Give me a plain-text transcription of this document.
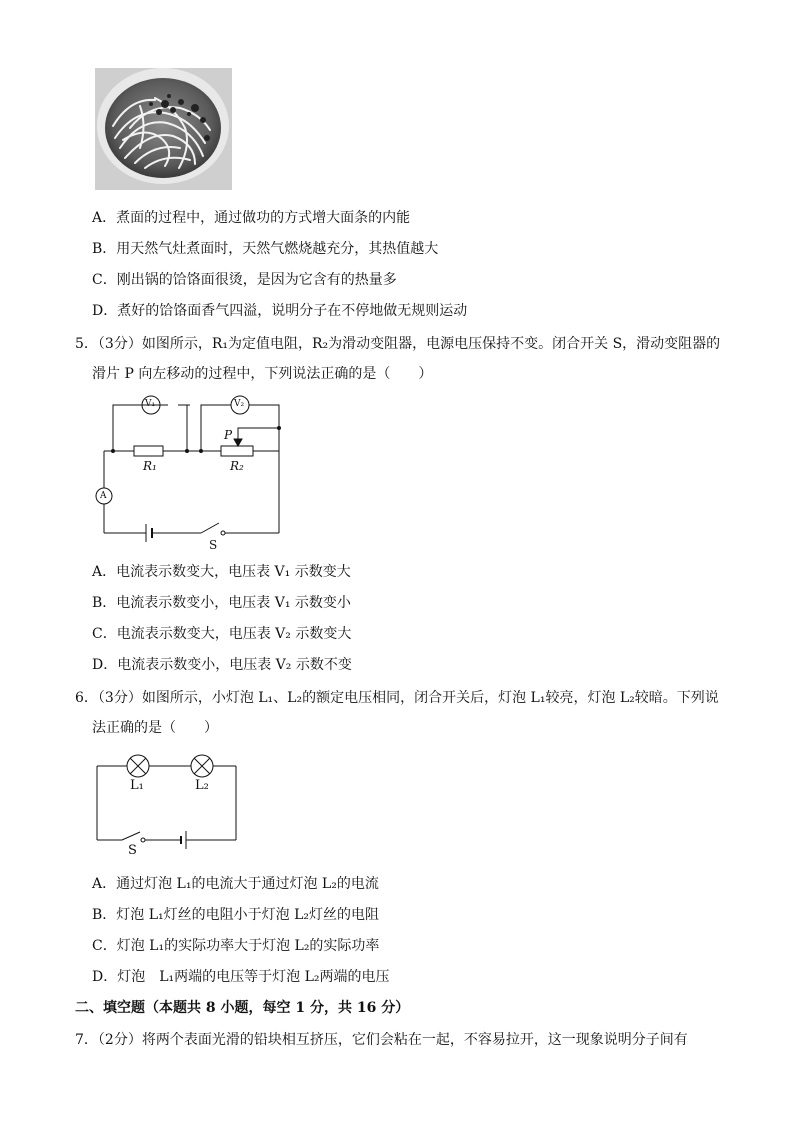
A．煮面的过程中，通过做功的方式增大面条的内能
B．用天然气灶煮面时，天然气燃烧越充分，其热值越大
C．刚出锅的饸饹面很烫，是因为它含有的热量多
D．煮好的饸饹面香气四溢，说明分子在不停地做无规则运动
5．（3分）如图所示，R₁为定值电阻，R₂为滑动变阻器，电源电压保持不变。闭合开关 S，滑动变阻器的
滑片 P 向左移动的过程中，下列说法正确的是（　　）
V₁	V₂
P
R₁	R₂
A
S
A．电流表示数变大，电压表 V₁ 示数变大
B．电流表示数变小，电压表 V₁ 示数变小
C．电流表示数变大，电压表 V₂ 示数变大
D．电流表示数变小，电压表 V₂ 示数不变
6．（3分）如图所示，小灯泡 L₁、L₂的额定电压相同，闭合开关后，灯泡 L₁较亮，灯泡 L₂较暗。下列说
法正确的是（　　）
L₁	L₂
S
A．通过灯泡 L₁的电流大于通过灯泡 L₂的电流
B．灯泡 L₁灯丝的电阻小于灯泡 L₂灯丝的电阻
C．灯泡 L₁的实际功率大于灯泡 L₂的实际功率
D．灯泡　L₁两端的电压等于灯泡 L₂两端的电压
二、填空题（本题共 8 小题，每空 1 分，共 16 分）
7．（2分）将两个表面光滑的铅块相互挤压，它们会粘在一起，不容易拉开，这一现象说明分子间有
